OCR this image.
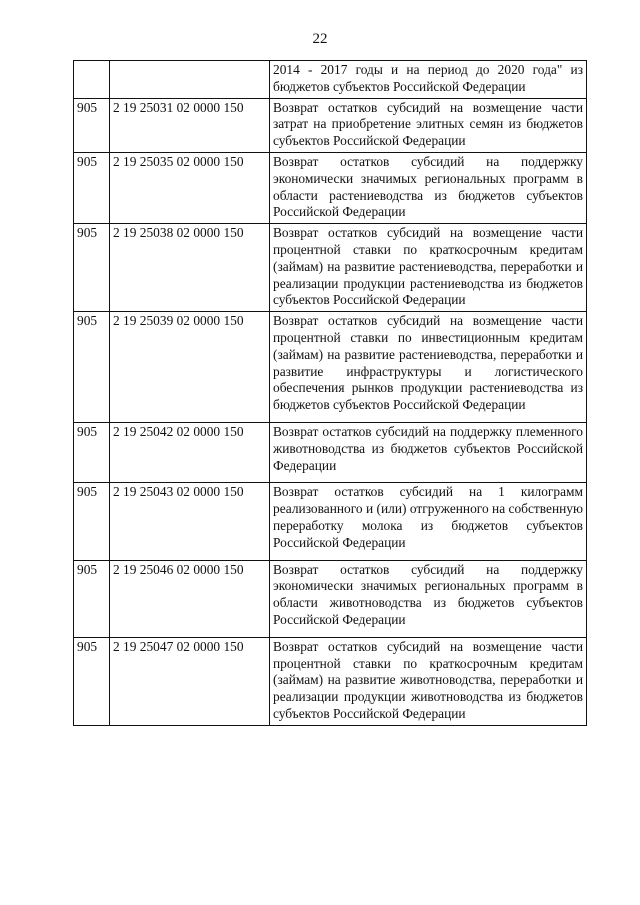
22
		2014 - 2017 годы и на период до 2020 года" из бюджетов субъектов Российской Федерации
905	2 19 25031 02 0000 150	Возврат остатков субсидий на возмещение части затрат на приобретение элитных семян из бюджетов субъектов Российской Федерации
905	2 19 25035 02 0000 150	Возврат остатков субсидий на поддержку экономически значимых региональных программ в области растениеводства из бюджетов субъектов Российской Федерации
905	2 19 25038 02 0000 150	Возврат остатков субсидий на возмещение части процентной ставки по краткосрочным кредитам (займам) на развитие растениеводства, переработки и реализации продукции растениеводства из бюджетов субъектов Российской Федерации
905	2 19 25039 02 0000 150	Возврат остатков субсидий на возмещение части процентной ставки по инвестиционным кредитам (займам) на развитие растениеводства, переработки и развитие инфраструктуры и логистического обеспечения рынков продукции растениеводства из бюджетов субъектов Российской Федерации
905	2 19 25042 02 0000 150	Возврат остатков субсидий на поддержку племенного животноводства из бюджетов субъектов Российской Федерации
905	2 19 25043 02 0000 150	Возврат остатков субсидий на 1 килограмм реализованного и (или) отгруженного на собственную переработку молока из бюджетов субъектов Российской Федерации
905	2 19 25046 02 0000 150	Возврат остатков субсидий на поддержку экономически значимых региональных программ в области животноводства из бюджетов субъектов Российской Федерации
905	2 19 25047 02 0000 150	Возврат остатков субсидий на возмещение части процентной ставки по краткосрочным кредитам (займам) на развитие животноводства, переработки и реализации продукции животноводства из бюджетов субъектов Российской Федерации
